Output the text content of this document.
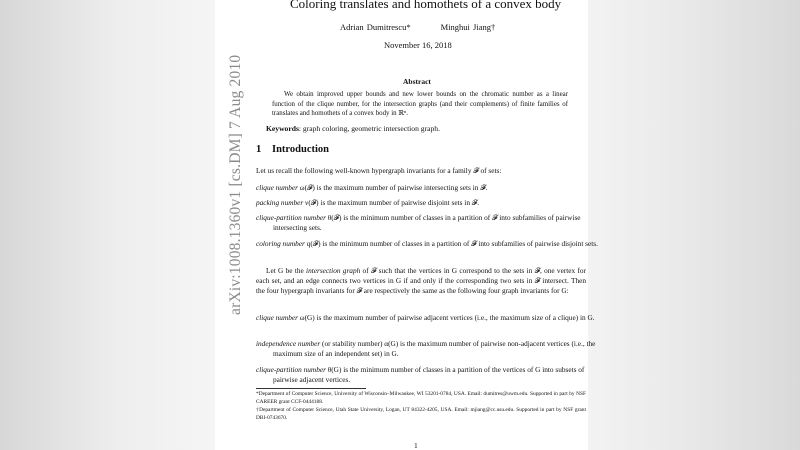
arXiv:1008.1360v1 [cs.DM] 7 Aug 2010
Coloring translates and homothets of a convex body
Adrian Dumitrescu*	Minghui Jiang†
November 16, 2018
Abstract
We obtain improved upper bounds and new lower bounds on the chromatic number as a linear function of the clique number, for the intersection graphs (and their complements) of finite families of translates and homothets of a convex body in ℝⁿ.
Keywords: graph coloring, geometric intersection graph.
1 Introduction
Let us recall the following well-known hypergraph invariants for a family 𝓕 of sets:
clique number ω(𝓕) is the maximum number of pairwise intersecting sets in 𝓕.
packing number ν(𝓕) is the maximum number of pairwise disjoint sets in 𝓕.
clique-partition number θ(𝓕) is the minimum number of classes in a partition of 𝓕 into subfamilies of pairwise intersecting sets.
coloring number q(𝓕) is the minimum number of classes in a partition of 𝓕 into subfamilies of pairwise disjoint sets.
Let G be the intersection graph of 𝓕 such that the vertices in G correspond to the sets in 𝓕, one vertex for each set, and an edge connects two vertices in G if and only if the corresponding two sets in 𝓕 intersect. Then the four hypergraph invariants for 𝓕 are respectively the same as the following four graph invariants for G:
clique number ω(G) is the maximum number of pairwise adjacent vertices (i.e., the maximum size of a clique) in G.
independence number (or stability number) α(G) is the maximum number of pairwise non-adjacent vertices (i.e., the maximum size of an independent set) in G.
clique-partition number θ(G) is the minimum number of classes in a partition of the vertices of G into subsets of pairwise adjacent vertices.
*Department of Computer Science, University of Wisconsin–Milwaukee, WI 53201-0784, USA. Email: dumitres@uwm.edu. Supported in part by NSF CAREER grant CCF-0444188.
†Department of Computer Science, Utah State University, Logan, UT 84322-4205, USA. Email: mjiang@cc.usu.edu. Supported in part by NSF grant DBI-0743670.
1
